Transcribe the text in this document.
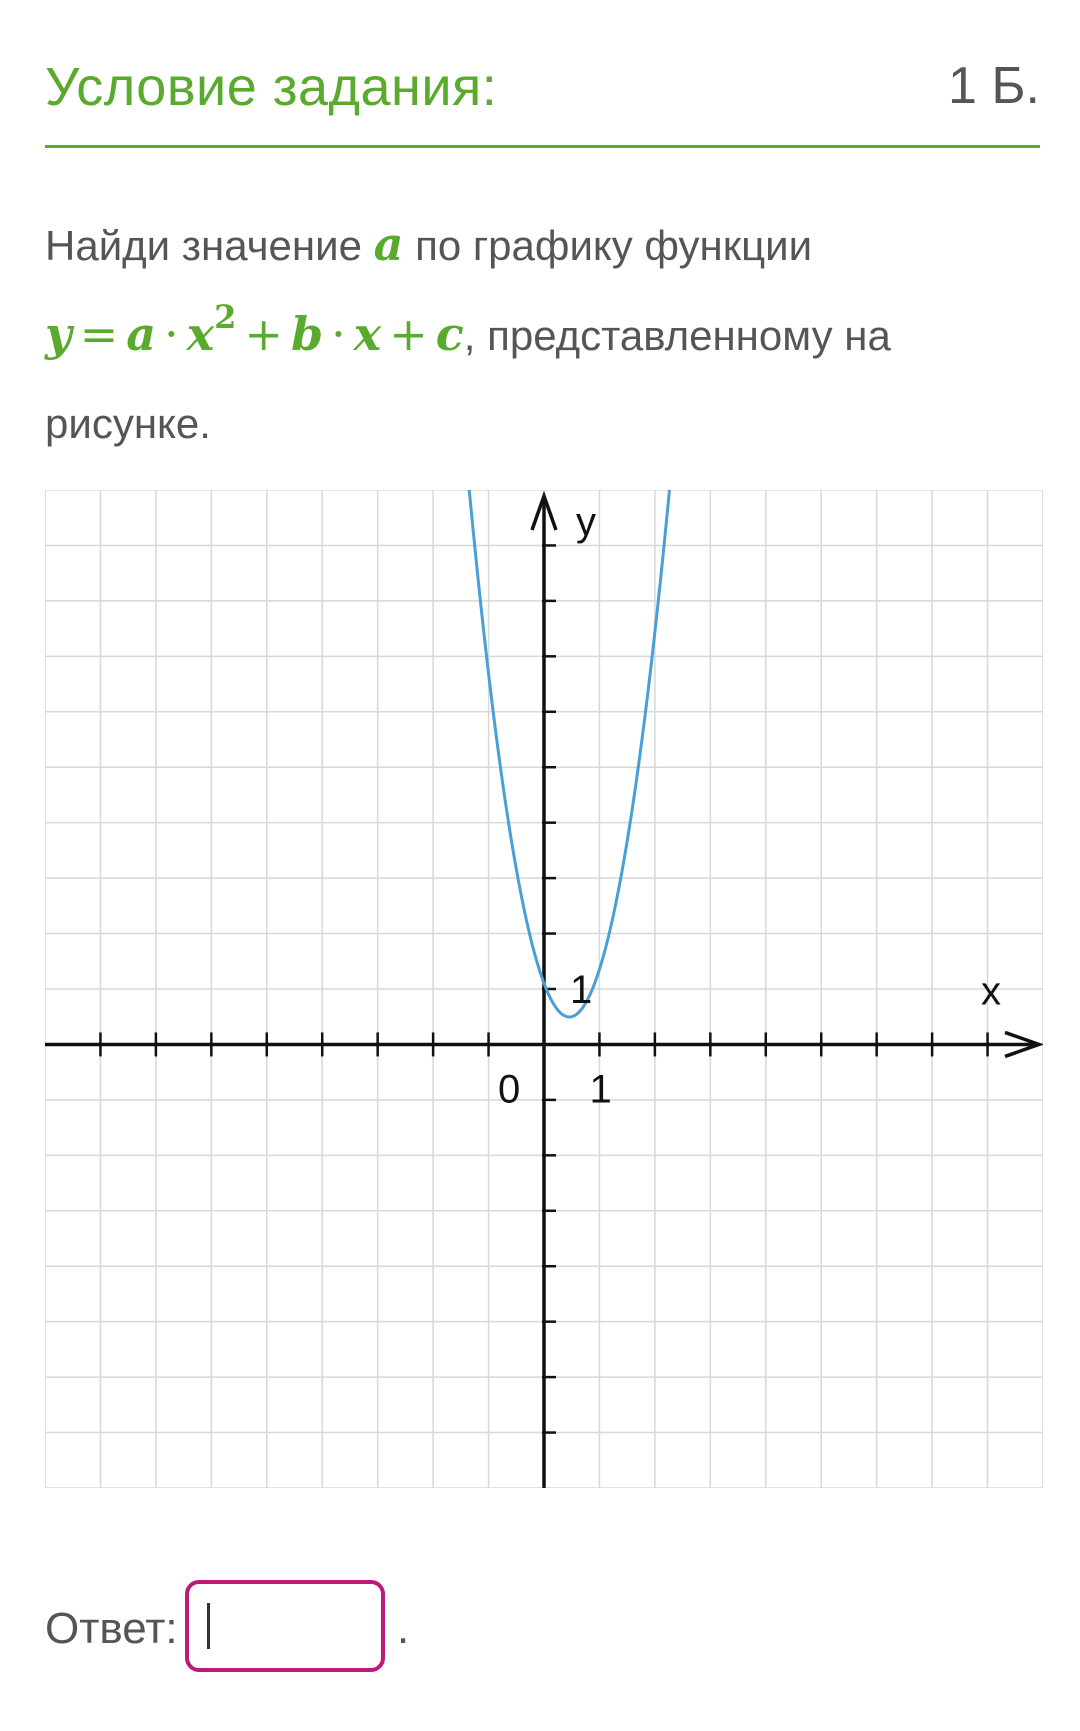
Условие задания:	1 Б.
Найди значение a по графику функции
$y = a \cdot x^2 + b \cdot x + c$, представленному на
рисунке.
y
x
0 1
1
Ответ:	.
